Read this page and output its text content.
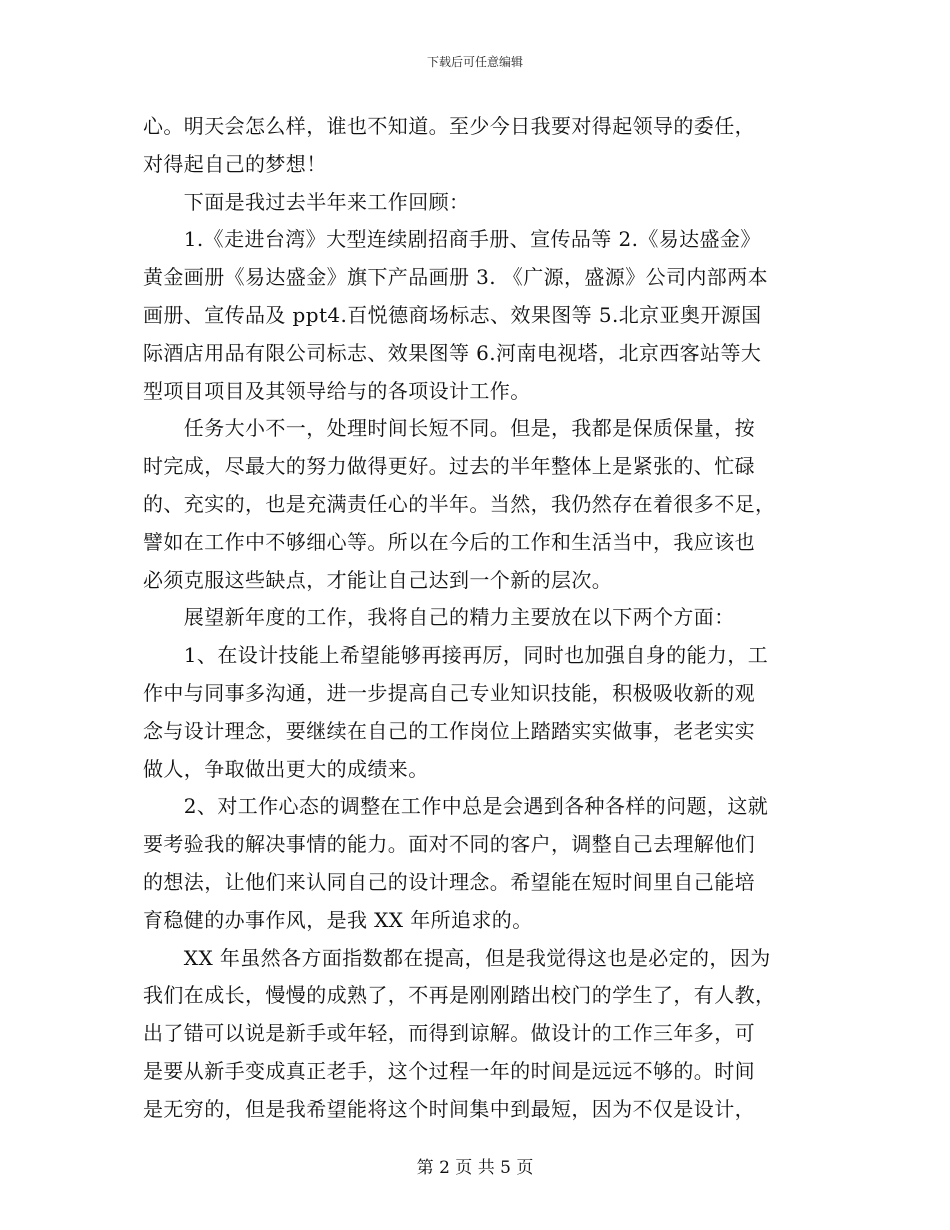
下载后可任意编辑

心。明天会怎么样，谁也不知道。至少今日我要对得起领导的委任，

对得起自己的梦想！

　　下面是我过去半年来工作回顾：

　　1.《走进台湾》大型连续剧招商手册、宣传品等 2.《易达盛金》

黄金画册《易达盛金》旗下产品画册 3. 《广源，盛源》公司内部两本

画册、宣传品及 ppt4.百悦德商场标志、效果图等 5.北京亚奥开源国

际酒店用品有限公司标志、效果图等 6.河南电视塔，北京西客站等大

型项目项目及其领导给与的各项设计工作。

　　任务大小不一，处理时间长短不同。但是，我都是保质保量，按

时完成，尽最大的努力做得更好。过去的半年整体上是紧张的、忙碌

的、充实的，也是充满责任心的半年。当然，我仍然存在着很多不足，

譬如在工作中不够细心等。所以在今后的工作和生活当中，我应该也

必须克服这些缺点，才能让自己达到一个新的层次。

　　展望新年度的工作，我将自己的精力主要放在以下两个方面：

　　1、在设计技能上希望能够再接再厉，同时也加强自身的能力，工

作中与同事多沟通，进一步提高自己专业知识技能，积极吸收新的观

念与设计理念，要继续在自己的工作岗位上踏踏实实做事，老老实实

做人，争取做出更大的成绩来。

　　2、对工作心态的调整在工作中总是会遇到各种各样的问题，这就

要考验我的解决事情的能力。面对不同的客户，调整自己去理解他们

的想法，让他们来认同自己的设计理念。希望能在短时间里自己能培

育稳健的办事作风，是我 XX 年所追求的。

　　XX 年虽然各方面指数都在提高，但是我觉得这也是必定的，因为

我们在成长，慢慢的成熟了，不再是刚刚踏出校门的学生了，有人教，

出了错可以说是新手或年轻，而得到谅解。做设计的工作三年多，可

是要从新手变成真正老手，这个过程一年的时间是远远不够的。时间

是无穷的，但是我希望能将这个时间集中到最短，因为不仅是设计，

第 2 页 共 5 页
